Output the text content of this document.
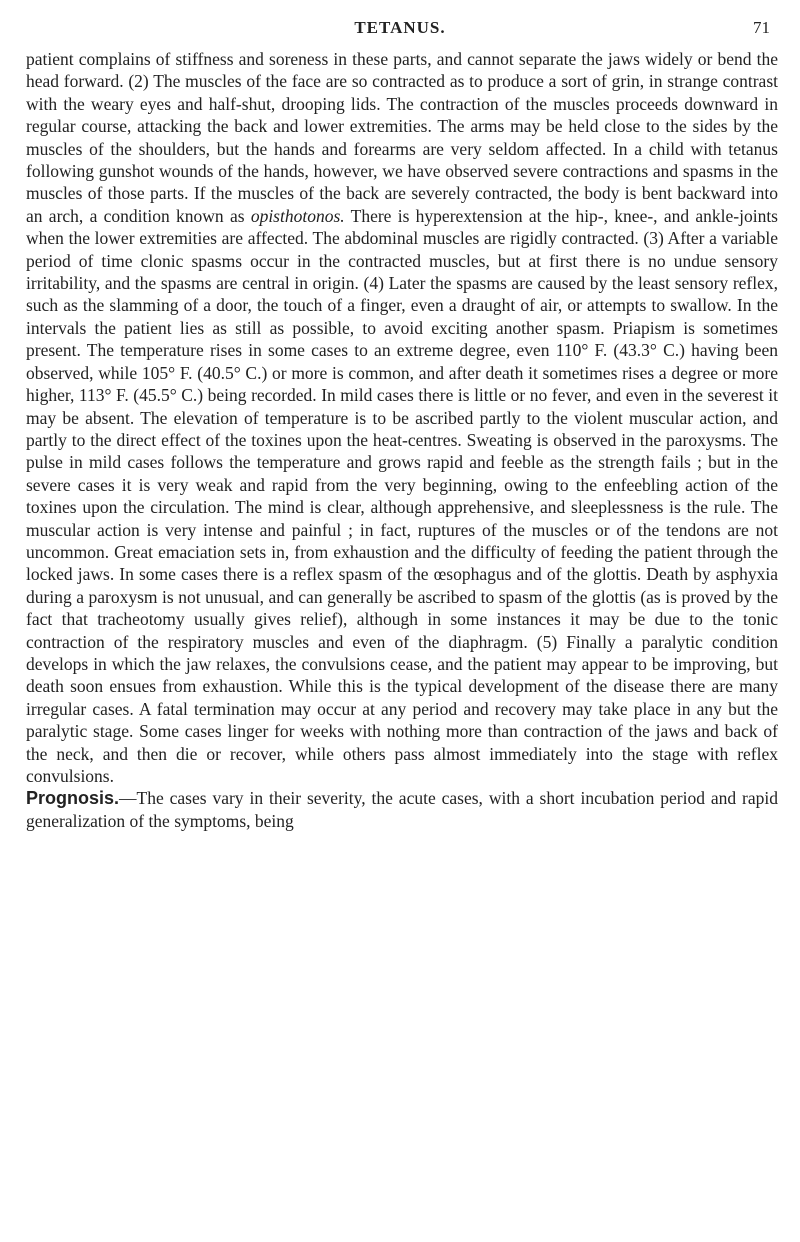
TETANUS.	71

patient complains of stiffness and soreness in these parts, and cannot separate the jaws widely or bend the head forward. (2) The muscles of the face are so contracted as to produce a sort of grin, in strange contrast with the weary eyes and half-shut, drooping lids. The contraction of the muscles proceeds downward in regular course, attacking the back and lower extremities. The arms may be held close to the sides by the muscles of the shoulders, but the hands and forearms are very seldom affected. In a child with tetanus following gunshot wounds of the hands, however, we have observed severe contractions and spasms in the muscles of those parts. If the muscles of the back are severely contracted, the body is bent backward into an arch, a condition known as opisthotonos. There is hyperextension at the hip-, knee-, and ankle-joints when the lower extremities are affected. The abdominal muscles are rigidly contracted. (3) After a variable period of time clonic spasms occur in the contracted muscles, but at first there is no undue sensory irritability, and the spasms are central in origin. (4) Later the spasms are caused by the least sensory reflex, such as the slamming of a door, the touch of a finger, even a draught of air, or attempts to swallow. In the intervals the patient lies as still as possible, to avoid exciting another spasm. Priapism is sometimes present. The temperature rises in some cases to an extreme degree, even 110° F. (43.3° C.) having been observed, while 105° F. (40.5° C.) or more is common, and after death it sometimes rises a degree or more higher, 113° F. (45.5° C.) being recorded. In mild cases there is little or no fever, and even in the severest it may be absent. The elevation of temperature is to be ascribed partly to the violent muscular action, and partly to the direct effect of the toxines upon the heat-centres. Sweating is observed in the paroxysms. The pulse in mild cases follows the temperature and grows rapid and feeble as the strength fails ; but in the severe cases it is very weak and rapid from the very beginning, owing to the enfeebling action of the toxines upon the circulation. The mind is clear, although apprehensive, and sleeplessness is the rule. The muscular action is very intense and painful ; in fact, ruptures of the muscles or of the tendons are not uncommon. Great emaciation sets in, from exhaustion and the difficulty of feeding the patient through the locked jaws. In some cases there is a reflex spasm of the œsophagus and of the glottis. Death by asphyxia during a paroxysm is not unusual, and can generally be ascribed to spasm of the glottis (as is proved by the fact that tracheotomy usually gives relief), although in some instances it may be due to the tonic contraction of the respiratory muscles and even of the diaphragm. (5) Finally a paralytic condition develops in which the jaw relaxes, the convulsions cease, and the patient may appear to be improving, but death soon ensues from exhaustion. While this is the typical development of the disease there are many irregular cases. A fatal termination may occur at any period and recovery may take place in any but the paralytic stage. Some cases linger for weeks with nothing more than contraction of the jaws and back of the neck, and then die or recover, while others pass almost immediately into the stage with reflex convulsions.

Prognosis.—The cases vary in their severity, the acute cases, with a short incubation period and rapid generalization of the symptoms, being
